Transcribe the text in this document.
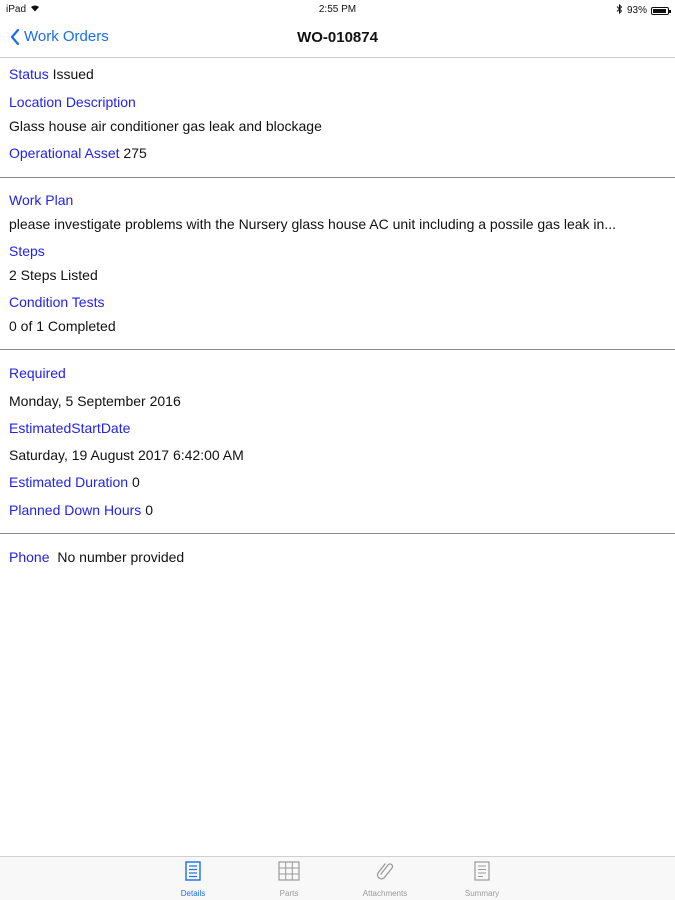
iPad	2:55 PM	93%
Work Orders	WO-010874
Status Issued
Location Description
Glass house air conditioner gas leak and blockage
Operational Asset 275
Work Plan
please investigate problems with the Nursery glass house AC unit including a possile gas leak in...
Steps
2 Steps Listed
Condition Tests
0 of 1 Completed
Required
Monday, 5 September 2016
EstimatedStartDate
Saturday, 19 August 2017 6:42:00 AM
Estimated Duration 0
Planned Down Hours 0
Phone No number provided
Details	Parts	Attachments	Summary
